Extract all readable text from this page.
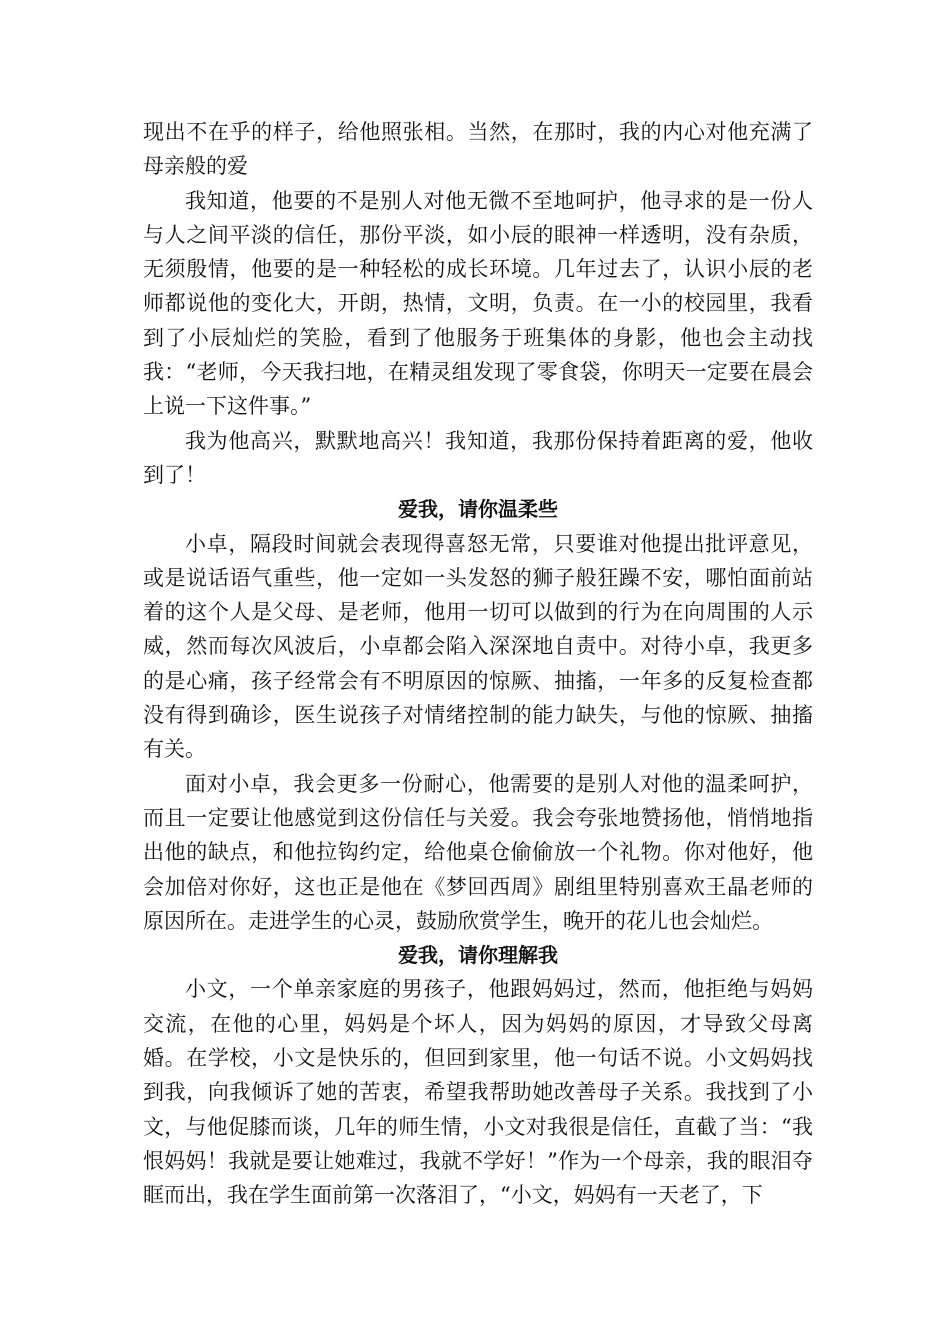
现出不在乎的样子，给他照张相。当然，在那时，我的内心对他充满了母亲般的爱

我知道，他要的不是别人对他无微不至地呵护，他寻求的是一份人与人之间平淡的信任，那份平淡，如小辰的眼神一样透明，没有杂质，无须殷情，他要的是一种轻松的成长环境。几年过去了，认识小辰的老师都说他的变化大，开朗，热情，文明，负责。在一小的校园里，我看到了小辰灿烂的笑脸，看到了他服务于班集体的身影，他也会主动找我：“老师，今天我扫地，在精灵组发现了零食袋，你明天一定要在晨会上说一下这件事。”

我为他高兴，默默地高兴！我知道，我那份保持着距离的爱，他收到了！

爱我，请你温柔些

小卓，隔段时间就会表现得喜怒无常，只要谁对他提出批评意见，或是说话语气重些，他一定如一头发怒的狮子般狂躁不安，哪怕面前站着的这个人是父母、是老师，他用一切可以做到的行为在向周围的人示威，然而每次风波后，小卓都会陷入深深地自责中。对待小卓，我更多的是心痛，孩子经常会有不明原因的惊厥、抽搐，一年多的反复检查都没有得到确诊，医生说孩子对情绪控制的能力缺失，与他的惊厥、抽搐有关。

面对小卓，我会更多一份耐心，他需要的是别人对他的温柔呵护，而且一定要让他感觉到这份信任与关爱。我会夸张地赞扬他，悄悄地指出他的缺点，和他拉钩约定，给他桌仓偷偷放一个礼物。你对他好，他会加倍对你好，这也正是他在《梦回西周》剧组里特别喜欢王晶老师的原因所在。走进学生的心灵，鼓励欣赏学生，晚开的花儿也会灿烂。

爱我，请你理解我

小文，一个单亲家庭的男孩子，他跟妈妈过，然而，他拒绝与妈妈交流，在他的心里，妈妈是个坏人，因为妈妈的原因，才导致父母离婚。在学校，小文是快乐的，但回到家里，他一句话不说。小文妈妈找到我，向我倾诉了她的苦衷，希望我帮助她改善母子关系。我找到了小文，与他促膝而谈，几年的师生情，小文对我很是信任，直截了当：“我恨妈妈！我就是要让她难过，我就不学好！”作为一个母亲，我的眼泪夺眶而出，我在学生面前第一次落泪了，“小文，妈妈有一天老了，下
